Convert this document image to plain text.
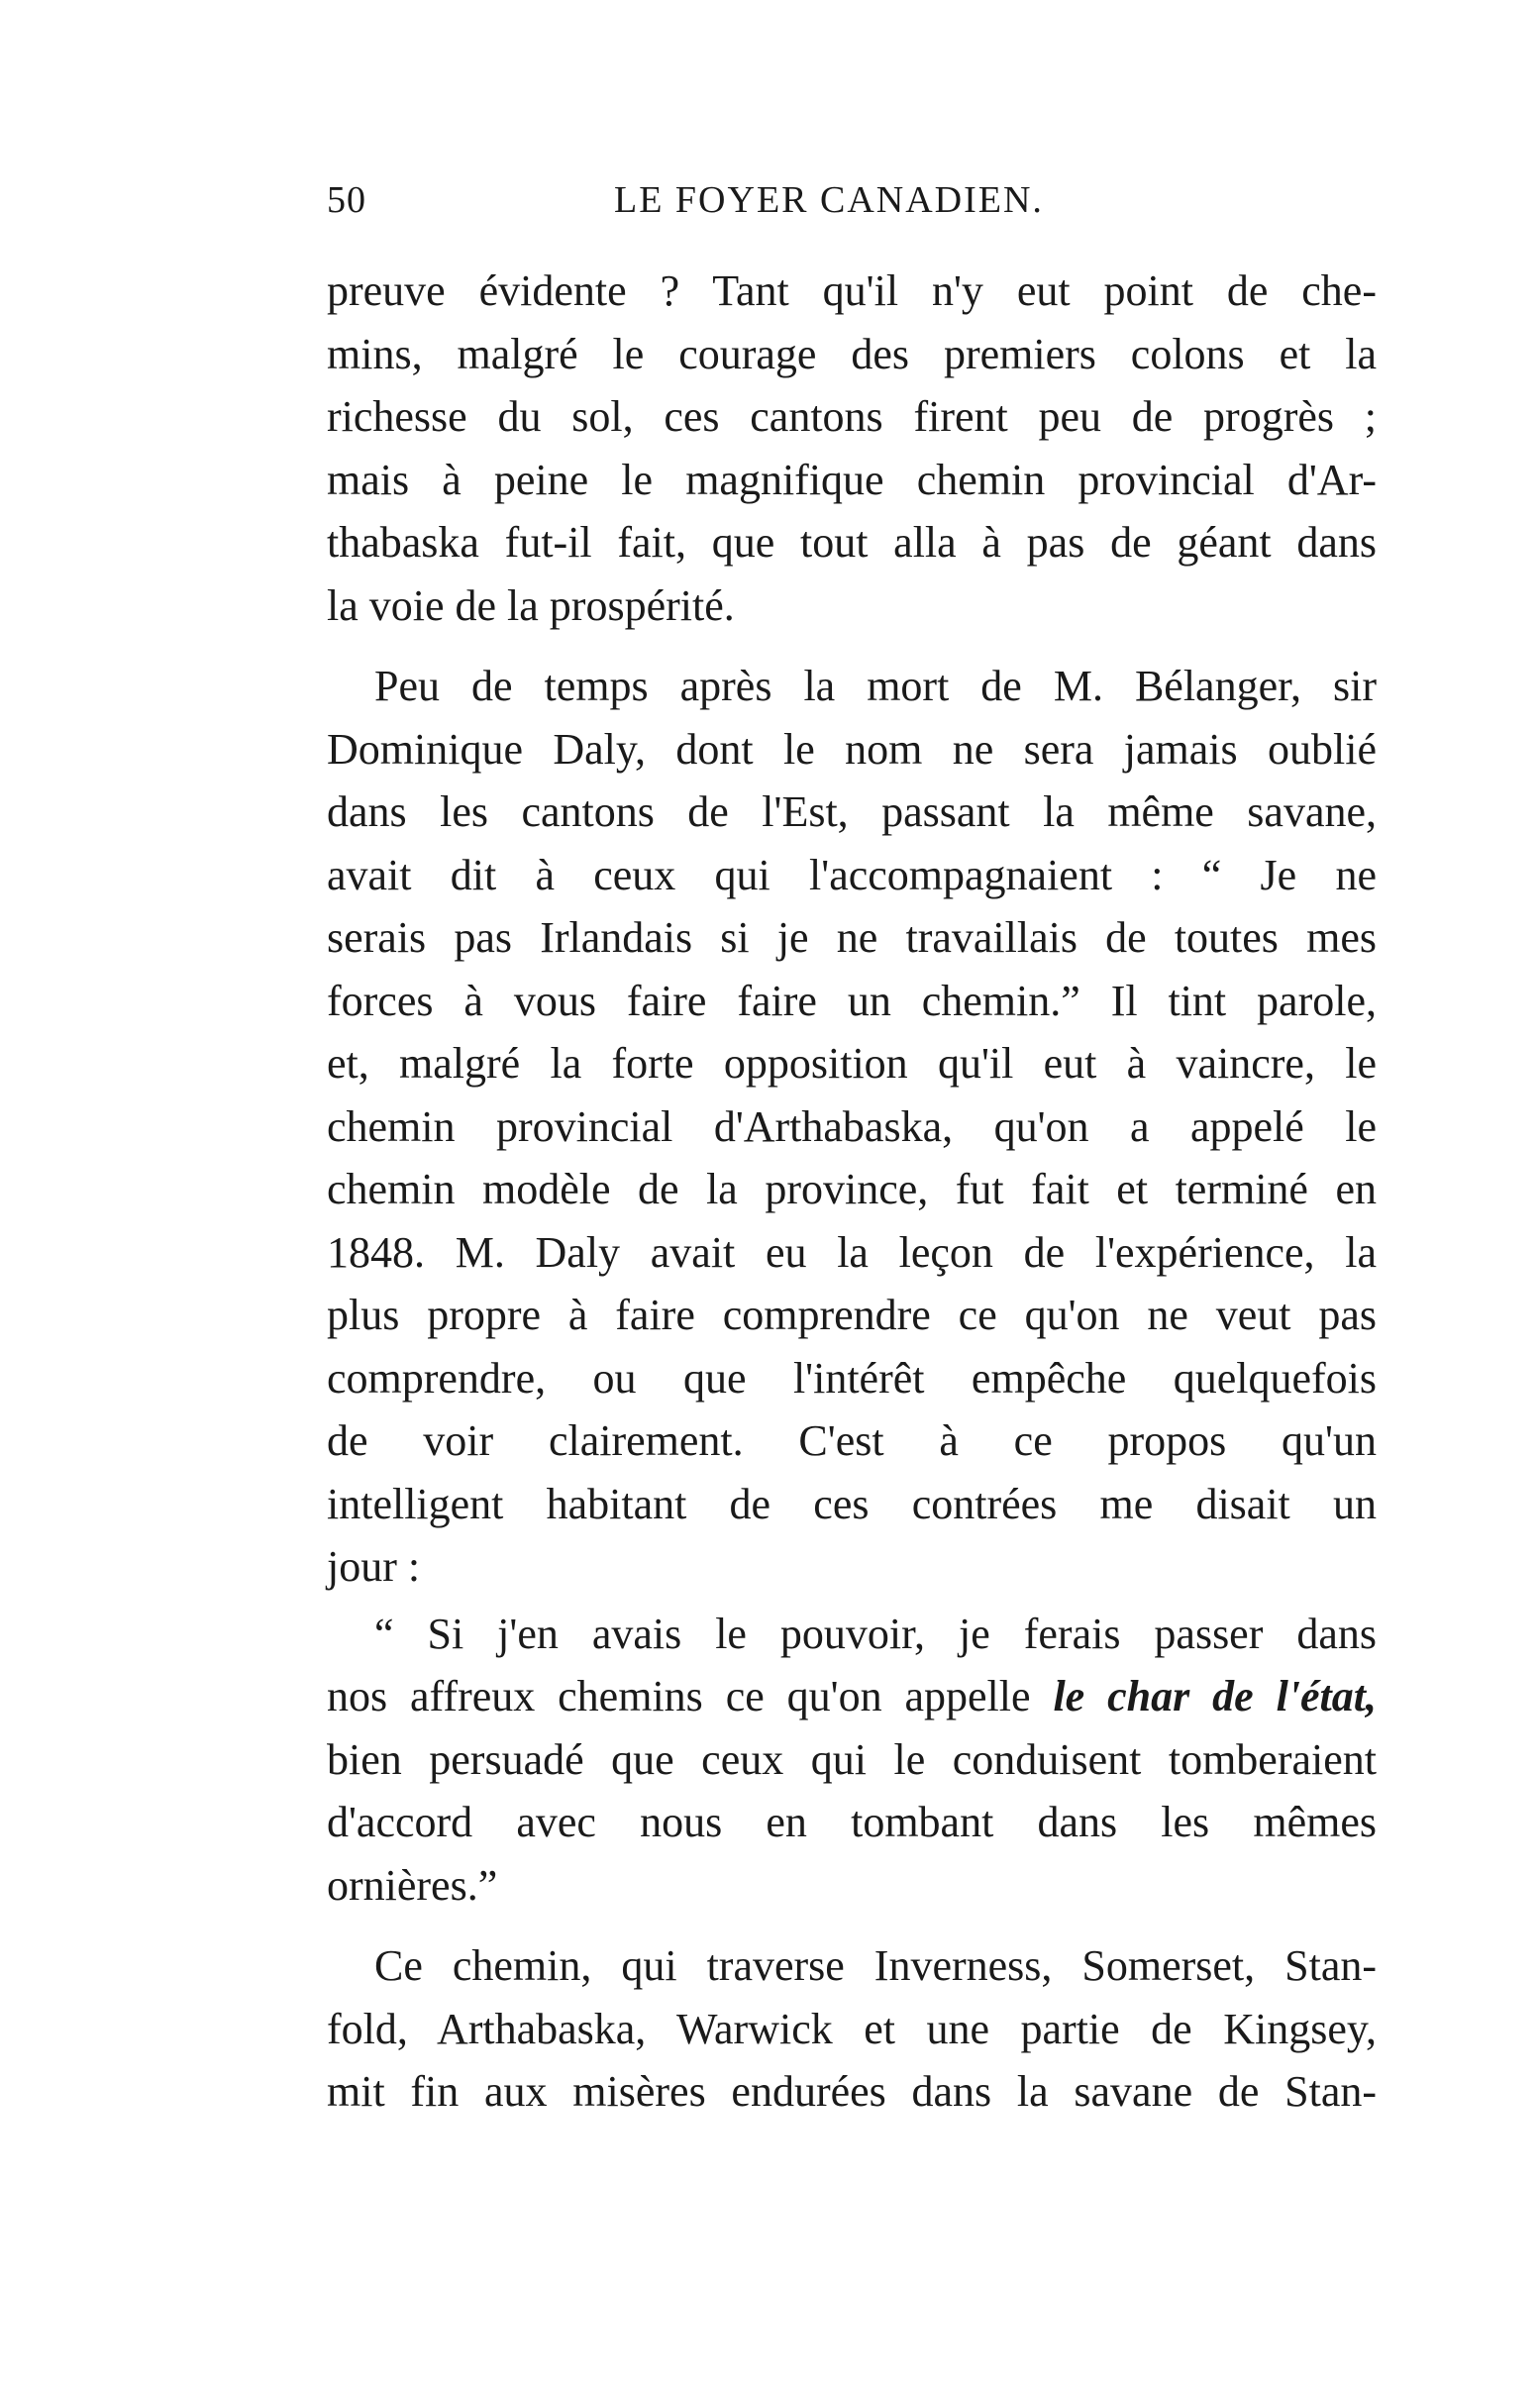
50	LE FOYER CANADIEN.

preuve évidente ? Tant qu'il n'y eut point de che-
mins, malgré le courage des premiers colons et la
richesse du sol, ces cantons firent peu de progrès ;
mais à peine le magnifique chemin provincial d'Ar-
thabaska fut-il fait, que tout alla à pas de géant dans
la voie de la prospérité.

Peu de temps après la mort de M. Bélanger, sir
Dominique Daly, dont le nom ne sera jamais oublié
dans les cantons de l'Est, passant la même savane,
avait dit à ceux qui l'accompagnaient : “ Je ne
serais pas Irlandais si je ne travaillais de toutes mes
forces à vous faire faire un chemin.” Il tint parole,
et, malgré la forte opposition qu'il eut à vaincre, le
chemin provincial d'Arthabaska, qu'on a appelé le
chemin modèle de la province, fut fait et terminé en
1848. M. Daly avait eu la leçon de l'expérience, la
plus propre à faire comprendre ce qu'on ne veut pas
comprendre, ou que l'intérêt empêche quelquefois
de voir clairement. C'est à ce propos qu'un
intelligent habitant de ces contrées me disait un
jour :

“ Si j'en avais le pouvoir, je ferais passer dans
nos affreux chemins ce qu'on appelle le char de l'état,
bien persuadé que ceux qui le conduisent tomberaient
d'accord avec nous en tombant dans les mêmes
ornières.”

Ce chemin, qui traverse Inverness, Somerset, Stan-
fold, Arthabaska, Warwick et une partie de Kingsey,
mit fin aux misères endurées dans la savane de Stan-
